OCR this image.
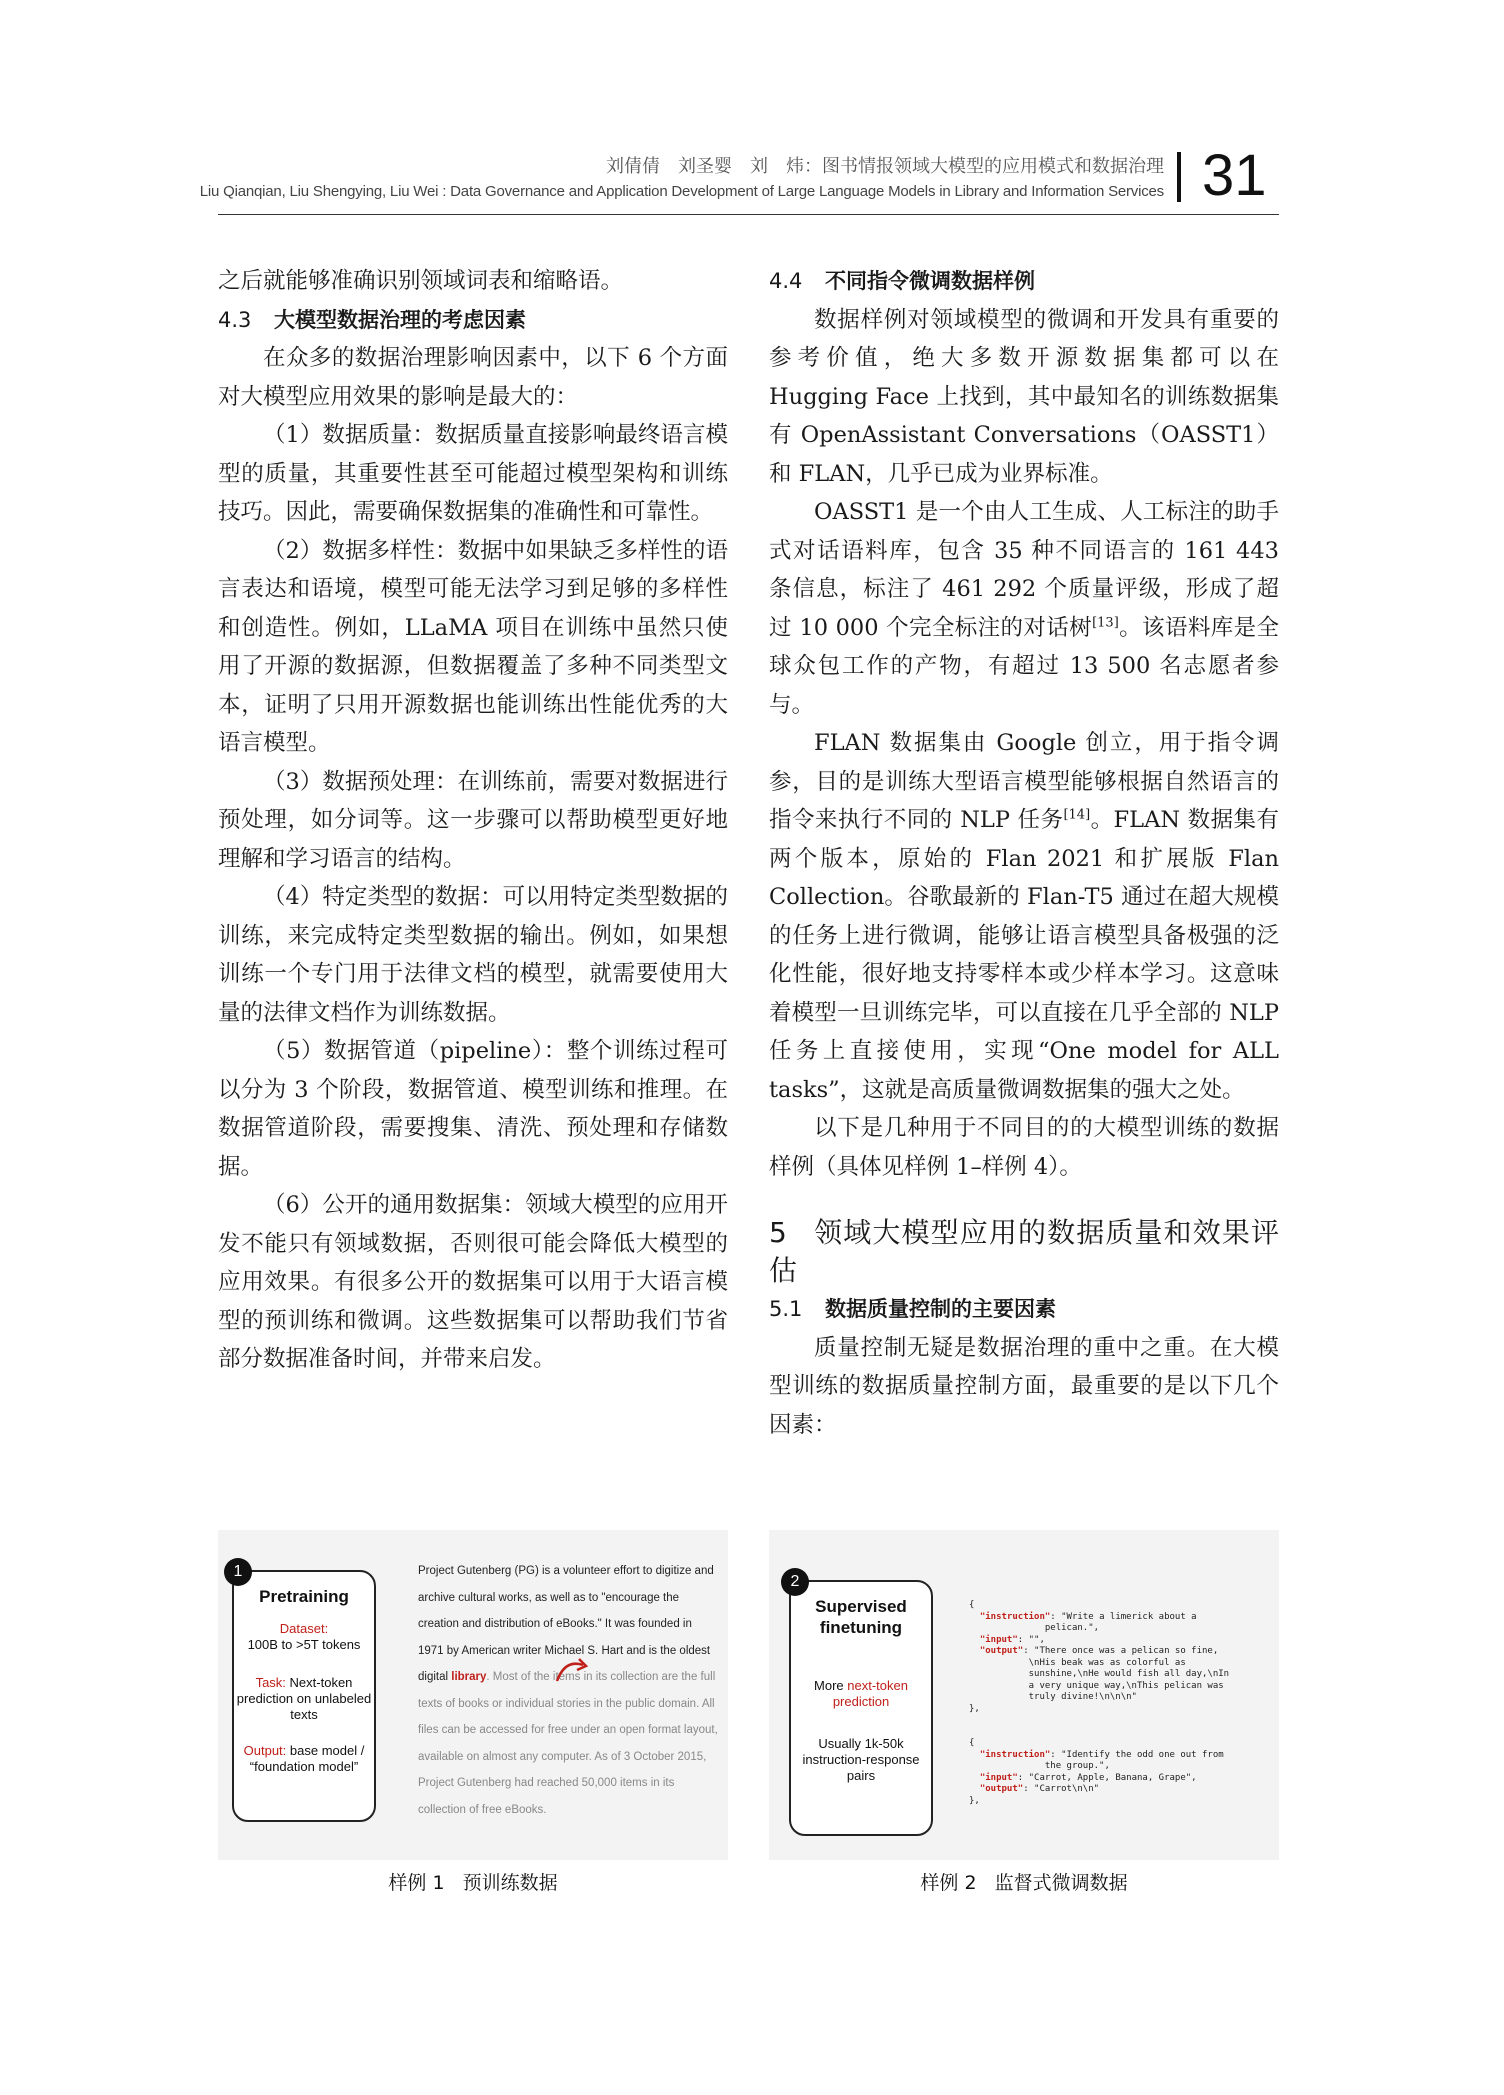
刘倩倩　刘圣婴　刘　炜：图书情报领域大模型的应用模式和数据治理
Liu Qianqian, Liu Shengying, Liu Wei : Data Governance and Application Development of Large Language Models in Library and Information Services 31

之后就能够准确识别领域词表和缩略语。

4.3 大模型数据治理的考虑因素

在众多的数据治理影响因素中，以下 6 个方面对大模型应用效果的影响是最大的：

（1）数据质量：数据质量直接影响最终语言模型的质量，其重要性甚至可能超过模型架构和训练技巧。因此，需要确保数据集的准确性和可靠性。

（2）数据多样性：数据中如果缺乏多样性的语言表达和语境，模型可能无法学习到足够的多样性和创造性。例如，LLaMA 项目在训练中虽然只使用了开源的数据源，但数据覆盖了多种不同类型文本，证明了只用开源数据也能训练出性能优秀的大语言模型。

（3）数据预处理：在训练前，需要对数据进行预处理，如分词等。这一步骤可以帮助模型更好地理解和学习语言的结构。

（4）特定类型的数据：可以用特定类型数据的训练，来完成特定类型数据的输出。例如，如果想训练一个专门用于法律文档的模型，就需要使用大量的法律文档作为训练数据。

（5）数据管道（pipeline）：整个训练过程可以分为 3 个阶段，数据管道、模型训练和推理。在数据管道阶段，需要搜集、清洗、预处理和存储数据。

（6）公开的通用数据集：领域大模型的应用开发不能只有领域数据，否则很可能会降低大模型的应用效果。有很多公开的数据集可以用于大语言模型的预训练和微调。这些数据集可以帮助我们节省部分数据准备时间，并带来启发。

4.4 不同指令微调数据样例

数据样例对领域模型的微调和开发具有重要的参考价值，绝大多数开源数据集都可以在 Hugging Face 上找到，其中最知名的训练数据集有 OpenAssistant Conversations（OASST1）和 FLAN，几乎已成为业界标准。

OASST1 是一个由人工生成、人工标注的助手式对话语料库，包含 35 种不同语言的 161 443 条信息，标注了 461 292 个质量评级，形成了超过 10 000 个完全标注的对话树[13]。该语料库是全球众包工作的产物，有超过 13 500 名志愿者参与。

FLAN 数据集由 Google 创立，用于指令调参，目的是训练大型语言模型能够根据自然语言的指令来执行不同的 NLP 任务[14]。FLAN 数据集有两个版本，原始的 Flan 2021 和扩展版 Flan Collection。谷歌最新的 Flan-T5 通过在超大规模的任务上进行微调，能够让语言模型具备极强的泛化性能，很好地支持零样本或少样本学习。这意味着模型一旦训练完毕，可以直接在几乎全部的 NLP 任务上直接使用，实现“One model for ALL tasks”，这就是高质量微调数据集的强大之处。

以下是几种用于不同目的的大模型训练的数据样例（具体见样例 1–样例 4）。

5 领域大模型应用的数据质量和效果评估
5.1 数据质量控制的主要因素

质量控制无疑是数据治理的重中之重。在大模型训练的数据质量控制方面，最重要的是以下几个因素：

1
Pretraining
Dataset:
100B to >5T tokens
Task: Next-token prediction on unlabeled texts
Output: base model / “foundation model”
Project Gutenberg (PG) is a volunteer effort to digitize and archive cultural works, as well as to "encourage the creation and distribution of eBooks." It was founded in 1971 by American writer Michael S. Hart and is the oldest digital library. Most of the items in its collection are the full texts of books or individual stories in the public domain. All files can be accessed for free under an open format layout, available on almost any computer. As of 3 October 2015, Project Gutenberg had reached 50,000 items in its collection of free eBooks.
样例 1 预训练数据
2
Supervised finetuning
More next-token prediction
Usually 1k-50k instruction-response pairs
{
"instruction": "Write a limerick about a
pelican.",
"input": "",
"output": "There once was a pelican so fine,
\nHis beak was as colorful as
sunshine,\nHe would fish all day,\nIn
a very unique way,\nThis pelican was
truly divine!\n\n\n"
},

{
"instruction": "Identify the odd one out from
the group.",
"input": "Carrot, Apple, Banana, Grape",
"output": "Carrot\n\n"
},
样例 2 监督式微调数据
